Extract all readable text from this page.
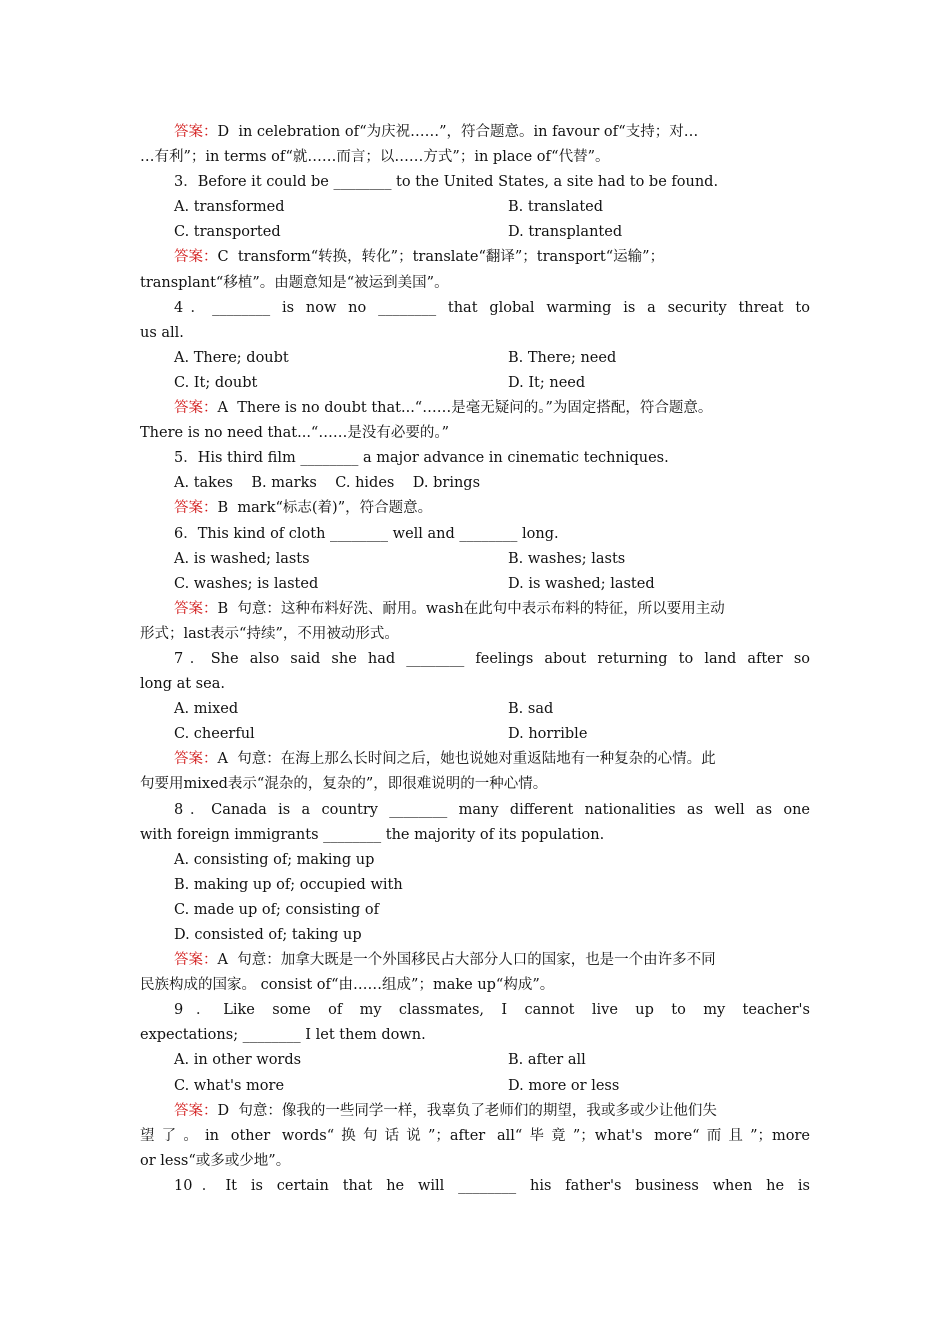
答案：D  in celebration of“为庆祝……”，符合题意。in favour of“支持；对…
…有利”；in terms of“就……而言；以……方式”；in place of“代替”。
3．Before it could be ________ to the United States, a site had to be found.
A. transformed	B. translated
C. transported	D. transplanted
答案：C  transform“转换，转化”；translate“翻译”；transport“运输”；
transplant“移植”。由题意知是“被运到美国”。
4．________ is now no ________ that global warming is a security threat to
us all.
A. There; doubt	B. There; need
C. It; doubt	D. It; need
答案：A  There is no doubt that...“……是毫无疑问的。”为固定搭配，符合题意。
There is no need that...“……是没有必要的。”
5．His third film ________ a major advance in cinematic techniques.
A. takes    B. marks    C. hides    D. brings
答案：B  mark“标志(着)”，符合题意。
6．This kind of cloth ________ well and ________ long.
A. is washed; lasts	B. washes; lasts
C. washes; is lasted	D. is washed; lasted
答案：B  句意：这种布料好洗、耐用。wash在此句中表示布料的特征，所以要用主动
形式；last表示“持续”，不用被动形式。
7．She also said she had ________ feelings about returning to land after so
long at sea.
A. mixed	B. sad
C. cheerful	D. horrible
答案：A  句意：在海上那么长时间之后，她也说她对重返陆地有一种复杂的心情。此
句要用mixed表示“混杂的，复杂的”，即很难说明的一种心情。
8．Canada is a country ________ many different nationalities as well as one
with foreign immigrants ________ the majority of its population.
A. consisting of; making up
B. making up of; occupied with
C. made up of; consisting of
D. consisted of; taking up
答案：A  句意：加拿大既是一个外国移民占大部分人口的国家，也是一个由许多不同
民族构成的国家。 consist of“由……组成”；make up“构成”。
9．Like some of my classmates, I cannot live up to my teacher's
expectations; ________ I let them down.
A. in other words	B. after all
C. what's more	D. more or less
答案：D  句意：像我的一些同学一样，我辜负了老师们的期望，我或多或少让他们失
望了。in other words“换句话说”；after all“毕竟”；what's more“而且”；more
or less“或多或少地”。
10．It is certain that he will ________ his father's business when he is
